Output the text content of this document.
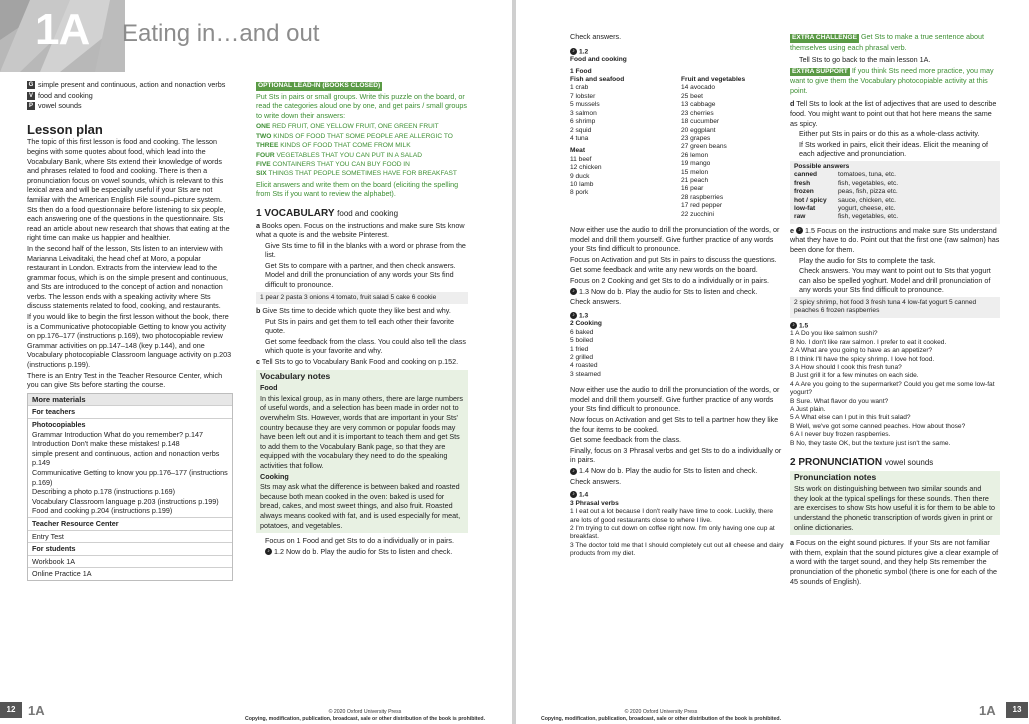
1A Eating in…and out

G simple present and continuous, action and nonaction verbs

V food and cooking

P vowel sounds

Lesson plan

The topic of this first lesson is food and cooking. The lesson begins with some quotes about food, which lead into the Vocabulary Bank, where Sts extend their knowledge of words and phrases related to food and cooking. There is then a pronunciation focus on vowel sounds, which is relevant to this lexical area and will be especially useful if your Sts are not familiar with the American English File sound–picture system. Sts then do a food questionnaire before listening to six people, each answering one of the questions in the questionnaire. Sts read an article about new research that shows that eating at the right time can make us happier and healthier.

In the second half of the lesson, Sts listen to an interview with Marianna Leivaditaki, the head chef at Moro, a popular restaurant in London. Extracts from the interview lead to the grammar focus, which is on the simple present and continuous, and Sts are introduced to the concept of action and nonaction verbs. The lesson ends with a speaking activity where Sts discuss statements related to food, cooking, and restaurants.

If you would like to begin the first lesson without the book, there is a Communicative photocopiable Getting to know you activity on pp.176–177 (instructions p.169), two photocopiable review Grammar activities on pp.147–148 (key p.144), and one Vocabulary photocopiable Classroom language activity on p.203 (instructions p.199).

There is an Entry Test in the Teacher Resource Center, which you can give Sts before starting the course.

More materials
For teachers
Photocopiables
Grammar Introduction What do you remember? p.147
Introduction Don't make these mistakes! p.148
simple present and continuous, action and nonaction verbs p.149
Communicative Getting to know you pp.176–177 (instructions p.169)
Describing a photo p.178 (instructions p.169)
Vocabulary Classroom language p.203 (instructions p.199)
Food and cooking p.204 (instructions p.199)
Teacher Resource Center
Entry Test
For students
Workbook 1A
Online Practice 1A

OPTIONAL LEAD-IN (BOOKS CLOSED)

Put Sts in pairs or small groups. Write this puzzle on the board, or read the categories aloud one by one, and get pairs / small groups to write down their answers:

ONE RED FRUIT, ONE YELLOW FRUIT, ONE GREEN FRUIT

TWO KINDS OF FOOD THAT SOME PEOPLE ARE ALLERGIC TO

THREE KINDS OF FOOD THAT COME FROM MILK

FOUR VEGETABLES THAT YOU CAN PUT IN A SALAD

FIVE CONTAINERS THAT YOU CAN BUY FOOD IN

SIX THINGS THAT PEOPLE SOMETIMES HAVE FOR BREAKFAST

Elicit answers and write them on the board (eliciting the spelling from Sts if you want to review the alphabet).

1 VOCABULARY food and cooking

a Books open. Focus on the instructions and make sure Sts know what a quote is and the website Pinterest.

Give Sts time to fill in the blanks with a word or phrase from the list.

Get Sts to compare with a partner, and then check answers. Model and drill the pronunciation of any words your Sts find difficult to pronounce.

1 pear 2 pasta 3 onions 4 tomato, fruit salad 5 cake 6 cookie

b Give Sts time to decide which quote they like best and why.

Put Sts in pairs and get them to tell each other their favorite quote.

Get some feedback from the class. You could also tell the class which quote is your favorite and why.

c Tell Sts to go to Vocabulary Bank Food and cooking on p.152.

Vocabulary notes

Food

In this lexical group, as in many others, there are large numbers of useful words, and a selection has been made in order not to overwhelm Sts. However, words that are important in your Sts' country because they are very common or popular foods may have been left out and it is important to teach them and get Sts to add them to the Vocabulary Bank page, so that they are equipped with the vocabulary they need to do the speaking activities that follow.

Cooking

Sts may ask what the difference is between baked and roasted because both mean cooked in the oven: baked is used for bread, cakes, and most sweet things, and also fruit. Roasted always means cooked with fat, and is used especially for meat, potatoes, and vegetables.

Focus on 1 Food and get Sts to do a individually or in pairs.

♪ 1.2 Now do b. Play the audio for Sts to listen and check.

12 1A	© 2020 Oxford University Press
Copying, modification, publication, broadcast, sale or other distribution of the book is prohibited.

Check answers.

♪ 1.2
Food and cooking
1 Food
Fish and seafood
1 crab
7 lobster
5 mussels
3 salmon
6 shrimp
2 squid
4 tuna
Meat
11 beef
12 chicken
9 duck
10 lamb
8 pork
Fruit and vegetables
14 avocado
25 beet
13 cabbage
23 cherries
18 cucumber
20 eggplant
23 grapes
27 green beans
26 lemon
19 mango
15 melon
21 peach
16 pear
28 raspberries
17 red pepper
22 zucchini

Now either use the audio to drill the pronunciation of the words, or model and drill them yourself. Give further practice of any words your Sts find difficult to pronounce.

Focus on Activation and put Sts in pairs to discuss the questions.

Get some feedback and write any new words on the board.

Focus on 2 Cooking and get Sts to do a individually or in pairs.

♪ 1.3 Now do b. Play the audio for Sts to listen and check.

Check answers.

♪ 1.3
2 Cooking
6 baked
5 boiled
1 fried
2 grilled
4 roasted
3 steamed

Now either use the audio to drill the pronunciation of the words, or model and drill them yourself. Give further practice of any words your Sts find difficult to pronounce.

Now focus on Activation and get Sts to tell a partner how they like the four items to be cooked.

Get some feedback from the class.

Finally, focus on 3 Phrasal verbs and get Sts to do a individually or in pairs.

♪ 1.4 Now do b. Play the audio for Sts to listen and check.

Check answers.

♪ 1.4
3 Phrasal verbs
1 I eat out a lot because I don't really have time to cook. Luckily, there are lots of good restaurants close to where I live.
2 I'm trying to cut down on coffee right now. I'm only having one cup at breakfast.
3 The doctor told me that I should completely cut out all cheese and dairy products from my diet.

EXTRA CHALLENGE Get Sts to make a true sentence about themselves using each phrasal verb.

Tell Sts to go back to the main lesson 1A.

EXTRA SUPPORT If you think Sts need more practice, you may want to give them the Vocabulary photocopiable activity at this point.

d Tell Sts to look at the list of adjectives that are used to describe food. You might want to point out that hot here means the same as spicy.

Either put Sts in pairs or do this as a whole-class activity.

If Sts worked in pairs, elicit their ideas. Elicit the meaning of each adjective and pronunciation.

Possible answers
canned	tomatoes, tuna, etc.
fresh	fish, vegetables, etc.
frozen	peas, fish, pizza etc.
hot / spicy	sauce, chicken, etc.
low-fat	yogurt, cheese, etc.
raw	fish, vegetables, etc.

e ♪ 1.5 Focus on the instructions and make sure Sts understand what they have to do. Point out that the first one (raw salmon) has been done for them.

Play the audio for Sts to complete the task.

Check answers. You may want to point out to Sts that yogurt can also be spelled yoghurt. Model and drill pronunciation of any words your Sts find difficult to pronounce.

2 spicy shrimp, hot food 3 fresh tuna 4 low-fat yogurt 5 canned peaches 6 frozen raspberries
♪ 1.5
1 A Do you like salmon sushi?
B No. I don't like raw salmon. I prefer to eat it cooked.
2 A What are you going to have as an appetizer?
B I think I'll have the spicy shrimp. I love hot food.
3 A How should I cook this fresh tuna?
B Just grill it for a few minutes on each side.
4 A Are you going to the supermarket? Could you get me some low-fat yogurt?
B Sure. What flavor do you want?
A Just plain.
5 A What else can I put in this fruit salad?
B Well, we've got some canned peaches. How about those?
6 A I never buy frozen raspberries.
B No, they taste OK, but the texture just isn't the same.
2 PRONUNCIATION vowel sounds
Pronunciation notes

Sts work on distinguishing between two similar sounds and they look at the typical spellings for these sounds. Then there are exercises to show Sts how useful it is for them to be able to understand the phonetic transcription of words given in print or online dictionaries.

a Focus on the eight sound pictures. If your Sts are not familiar with them, explain that the sound pictures give a clear example of a word with the target sound, and they help Sts remember the pronunciation of the phonetic symbol (there is one for each of the 45 sounds of English).

© 2020 Oxford University Press
Copying, modification, publication, broadcast, sale or other distribution of the book is prohibited.
1A	13
